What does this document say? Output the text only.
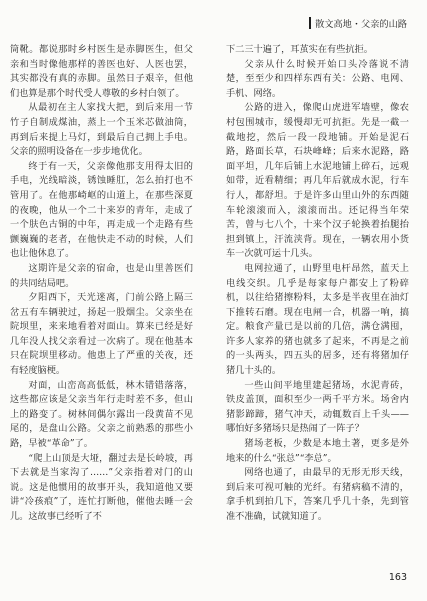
散文高地・父亲的山路

筒靴。都说那时乡村医生是赤脚医生，但父亲和当时像他那样的善医也好、人医也罢，其实都没有真的赤脚。虽然日子艰辛，但他们也算是那个时代受人尊敬的乡村白领了。

从最初在主人家找大把，到后来用一节竹子自制成煤油，蒸上一个玉米芯做油筒，再到后来提上马灯，到最后自己拥上手电。父亲的照明设备在一步步地优化。

终于有一天，父亲像他那支用得太旧的手电，光线暗淡，锈蚀睡肛，怎么拍打也不管用了。在他那崎岖的山道上，在那些深夏的夜晚，他从一个二十来岁的青年，走成了一个肤色古铜的中年，再走成一个走路有些颤巍巍的老者，在他快走不动的时候，人们也让他休息了。

这期许是父亲的宿命，也是山里善医们的共同结局吧。

夕阳西下，天光迷离，门前公路上隔三岔五有车辆驶过，扬起一股烟尘。父亲坐在院坝里，来来地看着对面山。算来已经是好几年没人找父亲看过一次病了。现在他基本只在院坝里移动。他患上了严重的关夜，还有轻度脑梗。

对面，山峦高高低低，林木错错落落，这些都应该是父亲当年行走时差不多，但山上的路变了。树林间偶尔露出一段黄苗不见尾的，是盘山公路。父亲之前熟悉的那些小路，早被“革命”了。

“爬上山顶是大垭，翻过去是长岭坡，再下去就是当家沟了……”父亲指着对门的山说。这是他惯用的故事开头，我知道他又要讲“冷孩痕”了，连忙打断他，催他去睡一会儿。这故事已经听了不

下二三十遍了，耳茧实在有些抗拒。

父亲从什么时候开始口头冷落说不清楚，至至少和四样东西有关：公路、电网、手机、网络。

公路的进入，像爬山虎进军墙壁，像农村包围城市，缓慢却无可抗拒。先是一截一截地挖，然后一段一段地铺。开始是泥石路，路面长草，石块峰峰；后来水泥路，路面平坦，几年后铺上水泥地铺上碎石，远观如带，近看精细；再几年后就成水泥，行车行人，都舒坦。于是许多山里山外的东西随车轮滚滚而入，滚滚而出。还记得当年荣苦，曾与七八个，十来个汉子轮换着抬腿抬担到镇上，汗流浃背。现在，一辆农用小货车一次就可运十几头。

电网拉通了，山野里电杆昂然，蓝天上电线交织。几乎是每家每户都安上了粉碎机，以往给猪擦粉料，太多是半夜里在油灯下推转石磨。现在电闸一合，机器一响，搞定。粮食产量已是以前的几倍，满仓满囤，许多人家养的猪也就多了起来，不再是之前的一头两头，四五头的居多，还有将猪加仔猪几十头的。

一些山间平地里建起猪场，水泥青砖，铁皮盖顶，面积至少一两千平方米。场舍内猪影蹄蹄，猪气冲天，动辄数百上千头——哪怕好多猪场只是热闹了一阵子？

猪场老板，少数是本地土著，更多是外地来的什么“张总”“李总”。

网络也通了，由最早的无形无形天线，到后来可视可触的光纤。有猪病稿不清的，拿手机到拍几下，答案几乎几十条，先到管准不准确，试就知道了。

163
